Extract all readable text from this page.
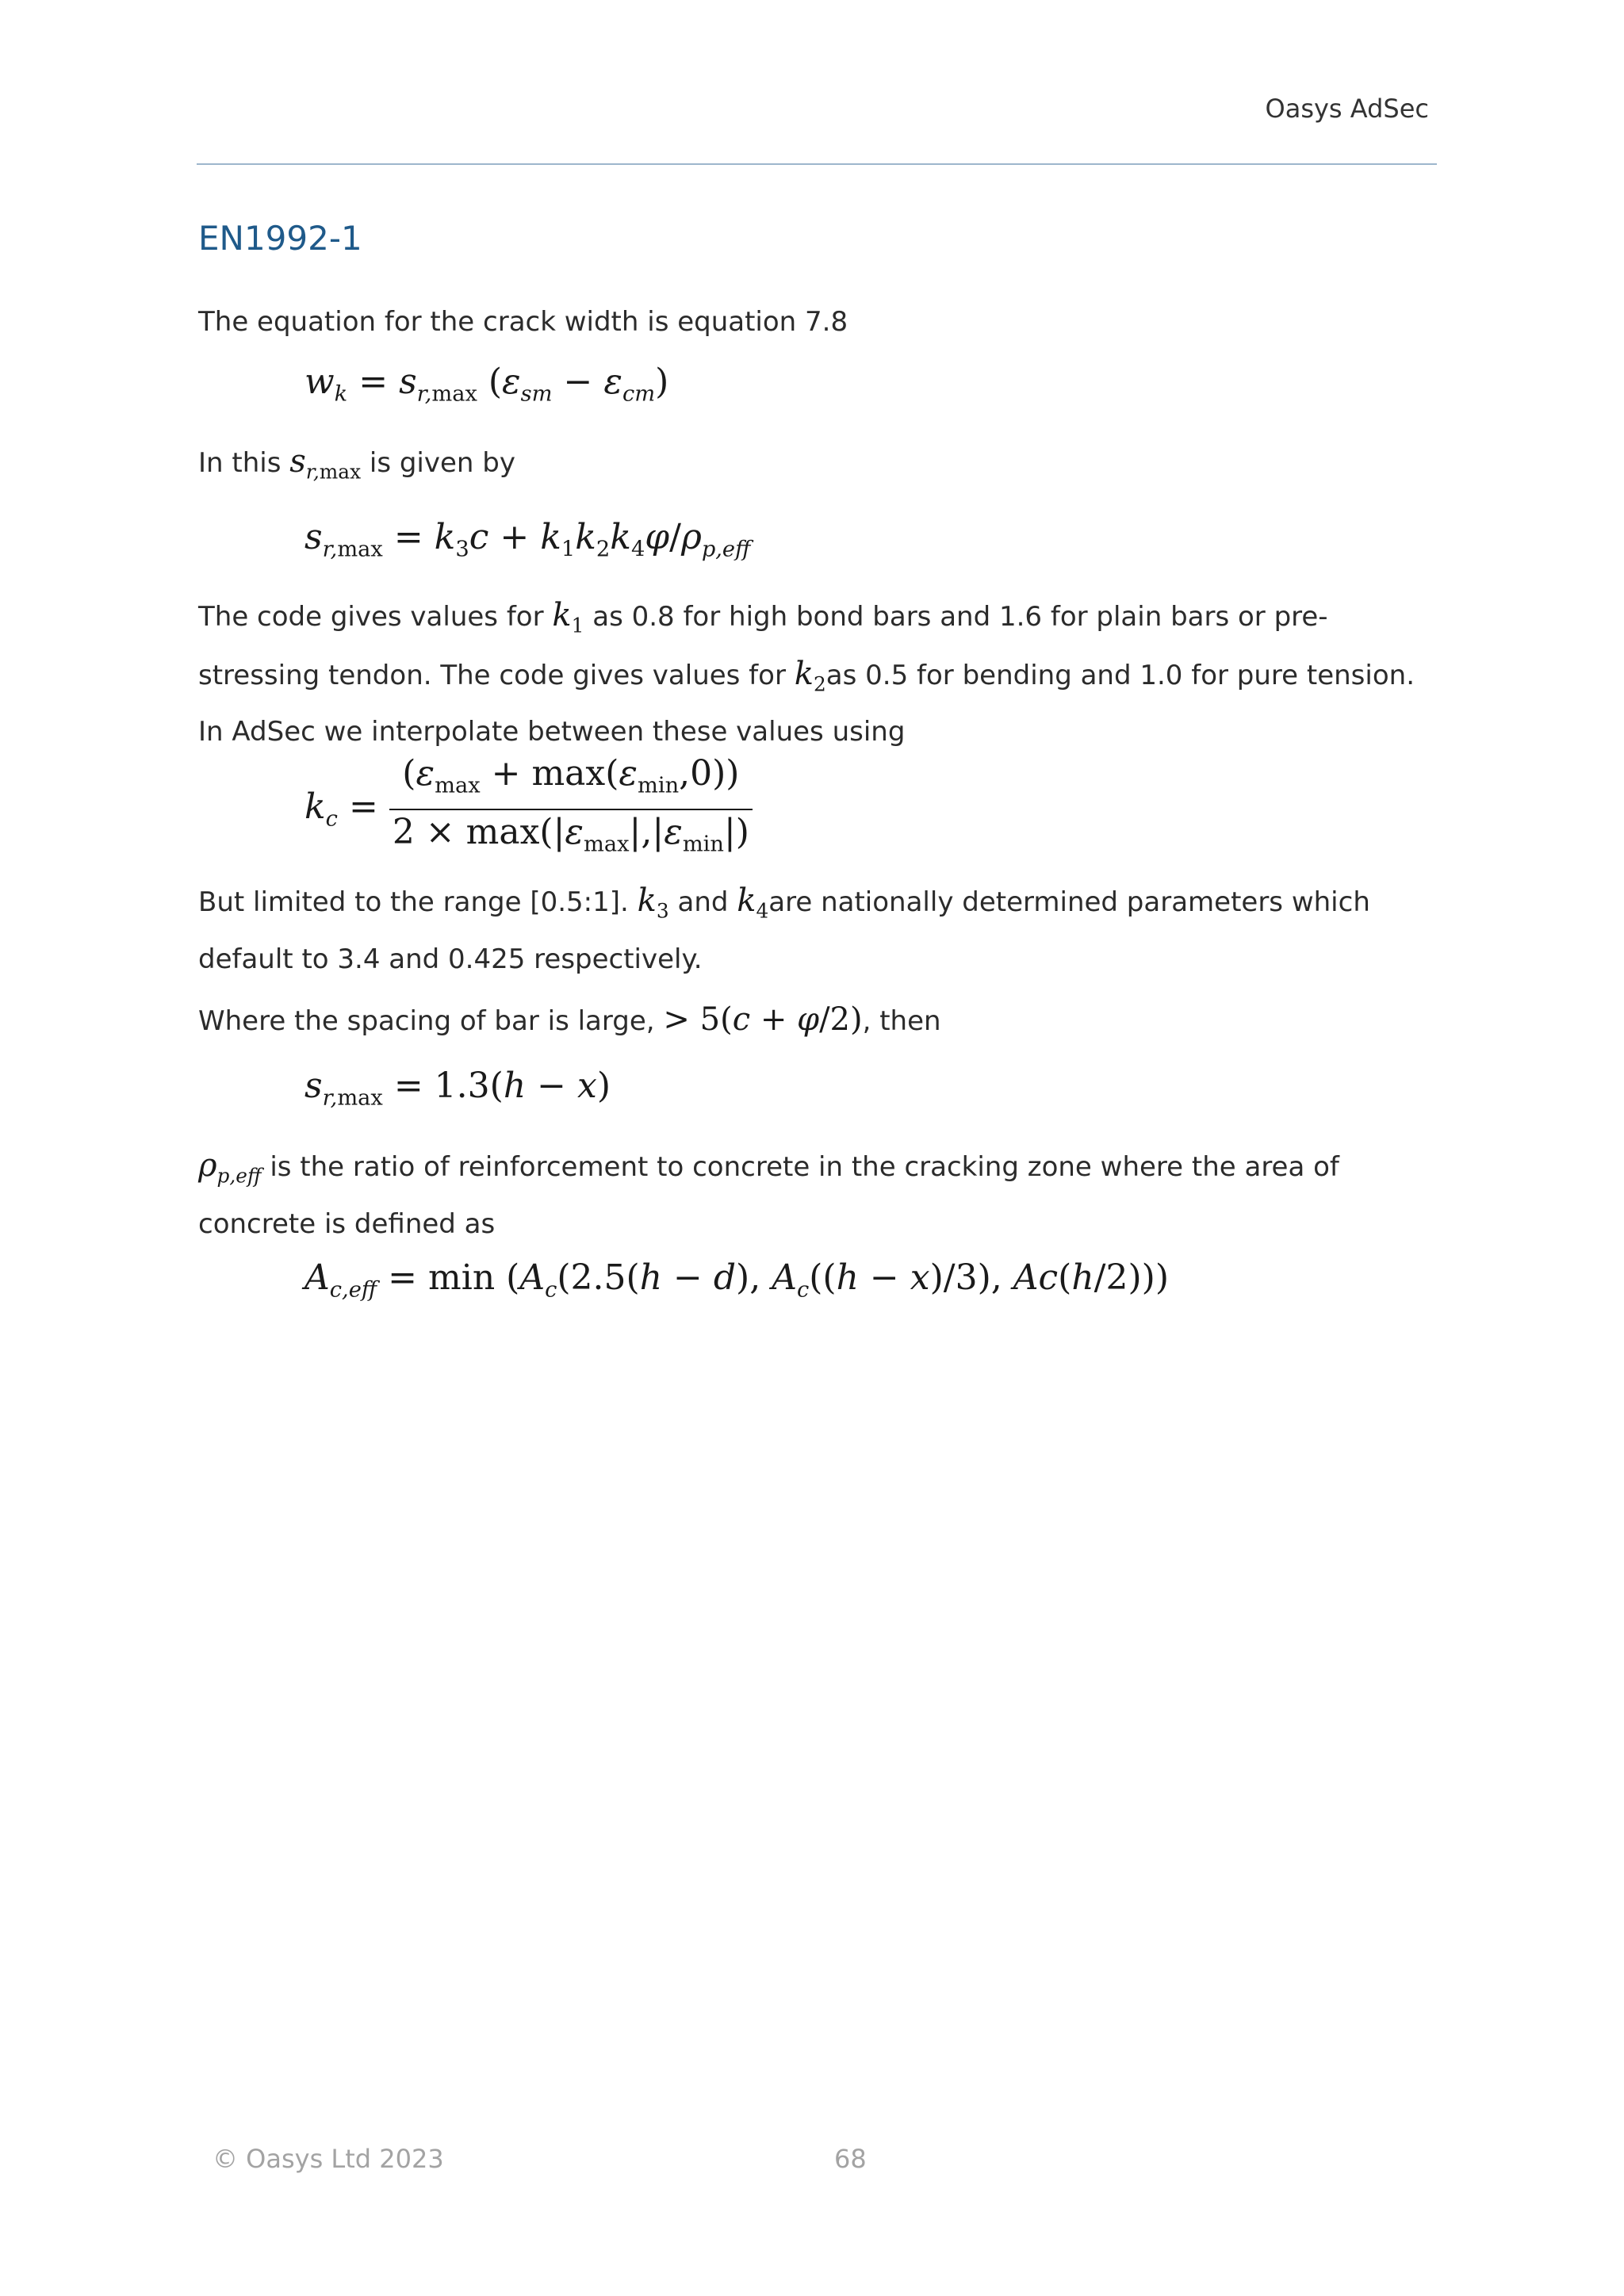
Oasys AdSec
EN1992-1
The equation for the crack width is equation 7.8
$w_k = s_{r,max}$ $(\varepsilon_{sm} - \varepsilon_{cm})$
In this $s_{r,max}$ is given by
$s_{r,max} = k_3c + k_1k_2k_4\varphi/\rho_{p,eff}$
The code gives values for $k_1$ as 0.8 for high bond bars and 1.6 for plain bars or pre-stressing tendon. The code gives values for $k_2as$ 0.5 for bending and 1.0 for pure tension. In AdSec we interpolate between these values using
$k_c = \frac{(\varepsilon_{max} + \max(\varepsilon_{min},0))}{2 \times \max(|\varepsilon_{max}|,|\varepsilon_{min}|)}$
But limited to the range [0.5:1]. $k_3$ and $k_4are$ nationally determined parameters which default to 3.4 and 0.425 respectively.
Where the spacing of bar is large, > 5(c + φ/2), then
$s_{r,max} = 1.3(h - x)$
$\rho_{p,eff}$ is the ratio of reinforcement to concrete in the cracking zone where the area of concrete is defined as
$A_{c,eff} = \min (A_c(2.5(h - d)$, $A_c((h - x)/3)$, Ac(h/2)))
© Oasys Ltd 2023	68
